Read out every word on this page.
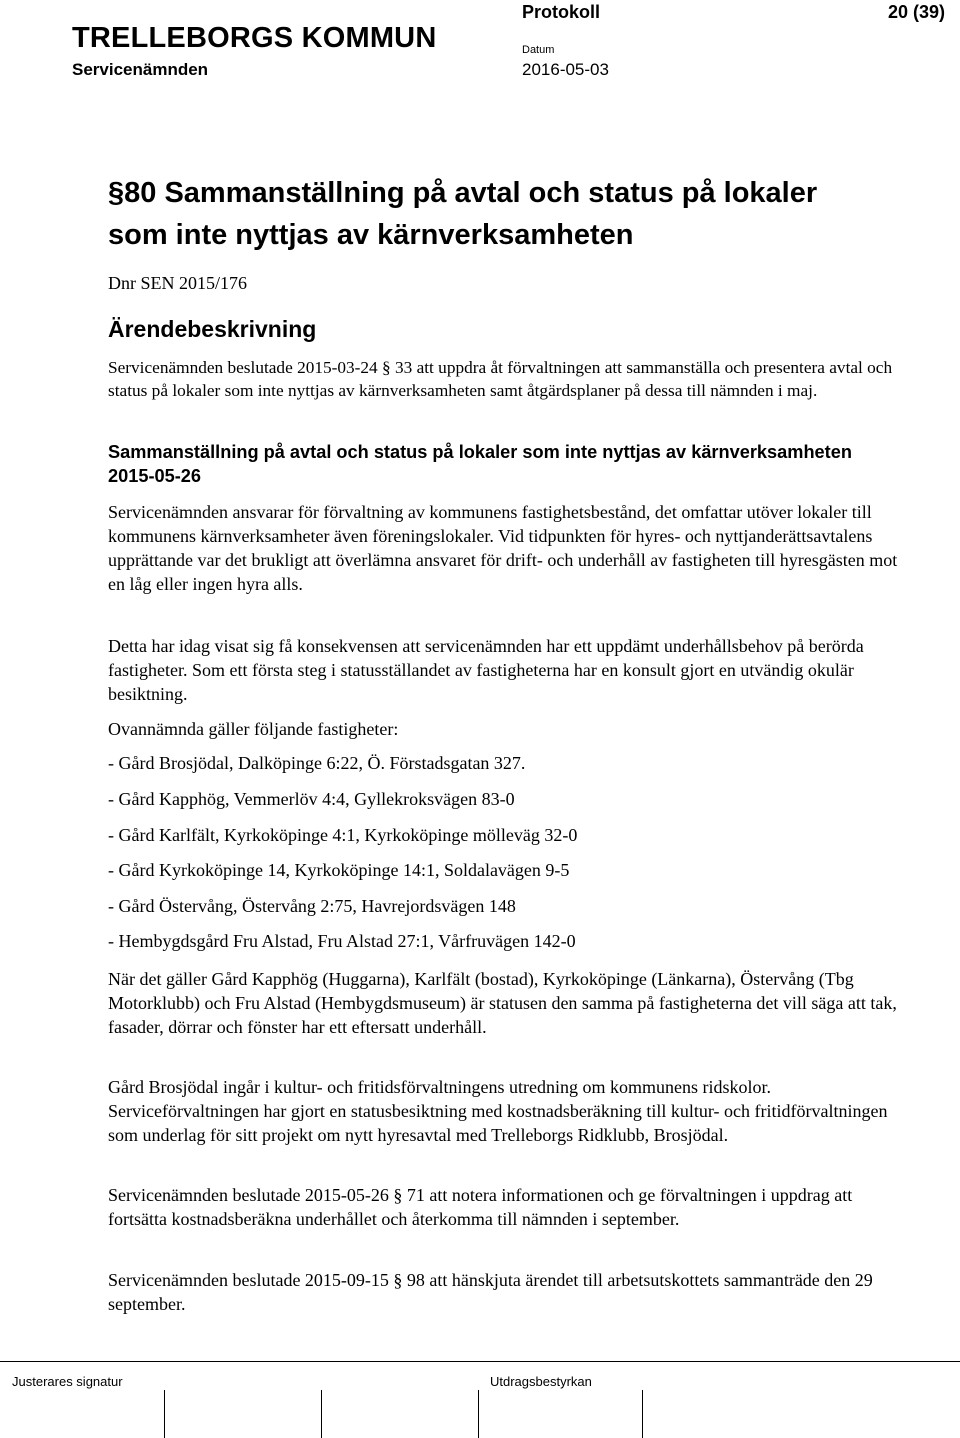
TRELLEBORGS KOMMUN
Servicenämnden
Protokoll	20 (39)
Datum
2016-05-03
§80 Sammanställning på avtal och status på lokaler som inte nyttjas av kärnverksamheten
Dnr SEN 2015/176
Ärendebeskrivning
Servicenämnden beslutade 2015-03-24 § 33 att uppdra åt förvaltningen att sammanställa och presentera avtal och status på lokaler som inte nyttjas av kärnverksamheten samt åtgärdsplaner på dessa till nämnden i maj.
Sammanställning på avtal och status på lokaler som inte nyttjas av kärnverksamheten 2015-05-26
Servicenämnden ansvarar för förvaltning av kommunens fastighetsbestånd, det omfattar utöver lokaler till kommunens kärnverksamheter även föreningslokaler. Vid tidpunkten för hyres- och nyttjanderättsavtalens upprättande var det brukligt att överlämna ansvaret för drift- och underhåll av fastigheten till hyresgästen mot en låg eller ingen hyra alls.
Detta har idag visat sig få konsekvensen att servicenämnden har ett uppdämt underhållsbehov på berörda fastigheter. Som ett första steg i statusställandet av fastigheterna har en konsult gjort en utvändig okulär besiktning.
Ovannämnda gäller följande fastigheter:
- Gård Brosjödal, Dalköpinge 6:22, Ö. Förstadsgatan 327.
- Gård Kapphög, Vemmerlöv 4:4, Gyllekroksvägen 83-0
- Gård Karlfält, Kyrkoköpinge 4:1, Kyrkoköpinge mölleväg 32-0
- Gård Kyrkoköpinge 14, Kyrkoköpinge 14:1, Soldalavägen 9-5
- Gård Östervång, Östervång 2:75, Havrejordsvägen 148
- Hembygdsgård Fru Alstad, Fru Alstad 27:1, Vårfruvägen 142-0
När det gäller Gård Kapphög (Huggarna), Karlfält (bostad), Kyrkoköpinge (Länkarna), Östervång (Tbg Motorklubb) och Fru Alstad (Hembygdsmuseum) är statusen den samma på fastigheterna det vill säga att tak, fasader, dörrar och fönster har ett eftersatt underhåll.
Gård Brosjödal ingår i kultur- och fritidsförvaltningens utredning om kommunens ridskolor. Serviceförvaltningen har gjort en statusbesiktning med kostnadsberäkning till kultur- och fritidförvaltningen som underlag för sitt projekt om nytt hyresavtal med Trelleborgs Ridklubb, Brosjödal.
Servicenämnden beslutade 2015-05-26 § 71 att notera informationen och ge förvaltningen i uppdrag att fortsätta kostnadsberäkna underhållet och återkomma till nämnden i september.
Servicenämnden beslutade 2015-09-15 § 98 att hänskjuta ärendet till arbetsutskottets sammanträde den 29 september.
Justerares signatur	Utdragsbestyrkan
